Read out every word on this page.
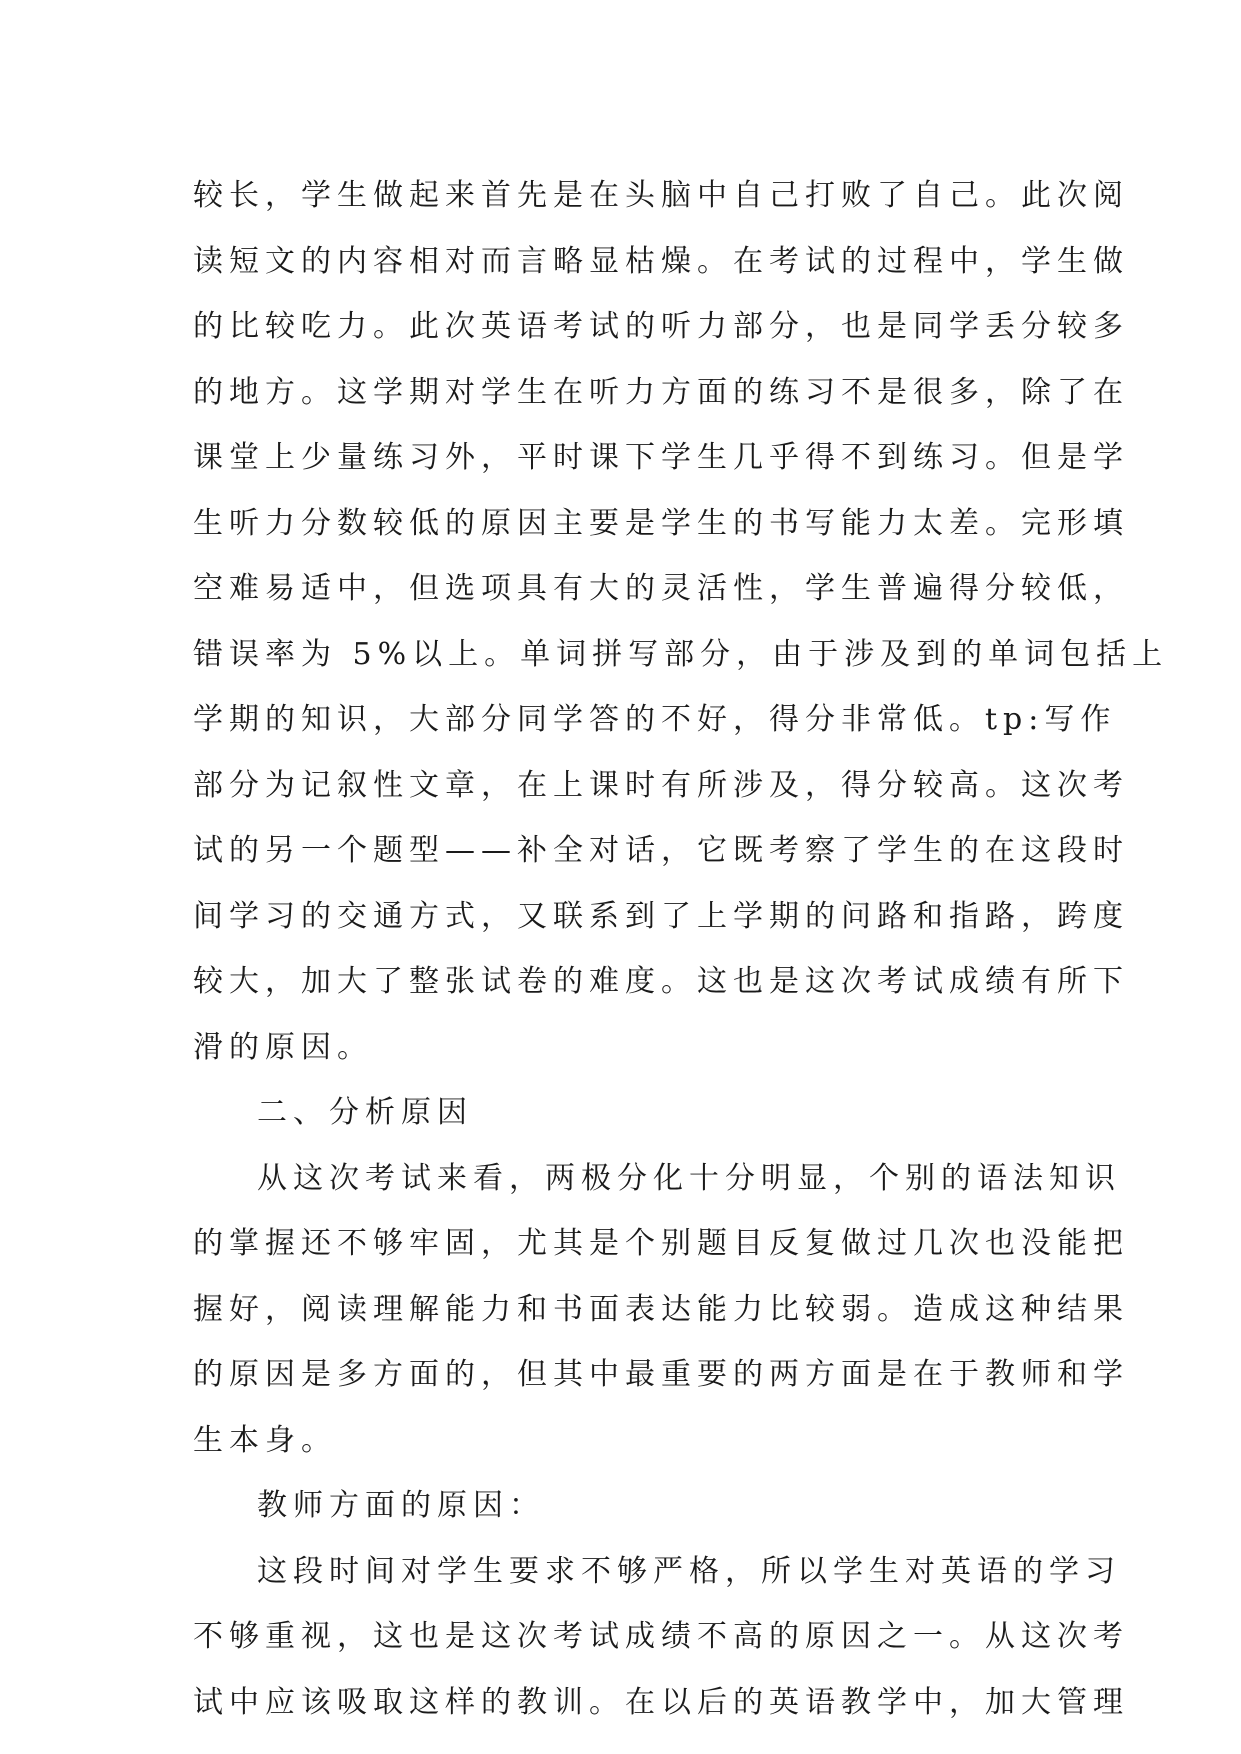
较长，学生做起来首先是在头脑中自己打败了自己。此次阅
读短文的内容相对而言略显枯燥。在考试的过程中，学生做
的比较吃力。此次英语考试的听力部分，也是同学丢分较多
的地方。这学期对学生在听力方面的练习不是很多，除了在
课堂上少量练习外，平时课下学生几乎得不到练习。但是学
生听力分数较低的原因主要是学生的书写能力太差。完形填
空难易适中，但选项具有大的灵活性，学生普遍得分较低，
错误率为 5%以上。单词拼写部分，由于涉及到的单词包括上
学期的知识，大部分同学答的不好，得分非常低。tp:写作
部分为记叙性文章，在上课时有所涉及，得分较高。这次考
试的另一个题型——补全对话，它既考察了学生的在这段时
间学习的交通方式，又联系到了上学期的问路和指路，跨度
较大，加大了整张试卷的难度。这也是这次考试成绩有所下
滑的原因。
二、分析原因
从这次考试来看，两极分化十分明显，个别的语法知识
的掌握还不够牢固，尤其是个别题目反复做过几次也没能把
握好，阅读理解能力和书面表达能力比较弱。造成这种结果
的原因是多方面的，但其中最重要的两方面是在于教师和学
生本身。
教师方面的原因：
这段时间对学生要求不够严格，所以学生对英语的学习
不够重视，这也是这次考试成绩不高的原因之一。从这次考
试中应该吸取这样的教训。在以后的英语教学中，加大管理
